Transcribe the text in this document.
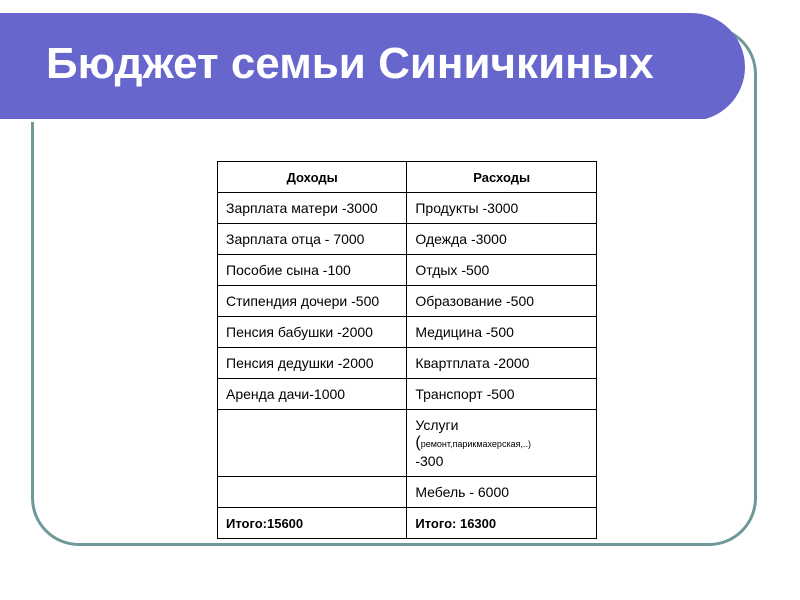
Бюджет семьи Синичкиных
Доходы	Расходы
Зарплата матери -3000	Продукты -3000
Зарплата отца - 7000	Одежда -3000
Пособие сына -100	Отдых -500
Стипендия дочери -500	Образование -500
Пенсия бабушки -2000	Медицина -500
Пенсия дедушки -2000	Квартплата -2000
Аренда дачи-1000	Транспорт -500
	Услуги
(ремонт,парикмахерская,..)
-300
	Мебель - 6000
Итого:15600	Итого: 16300
